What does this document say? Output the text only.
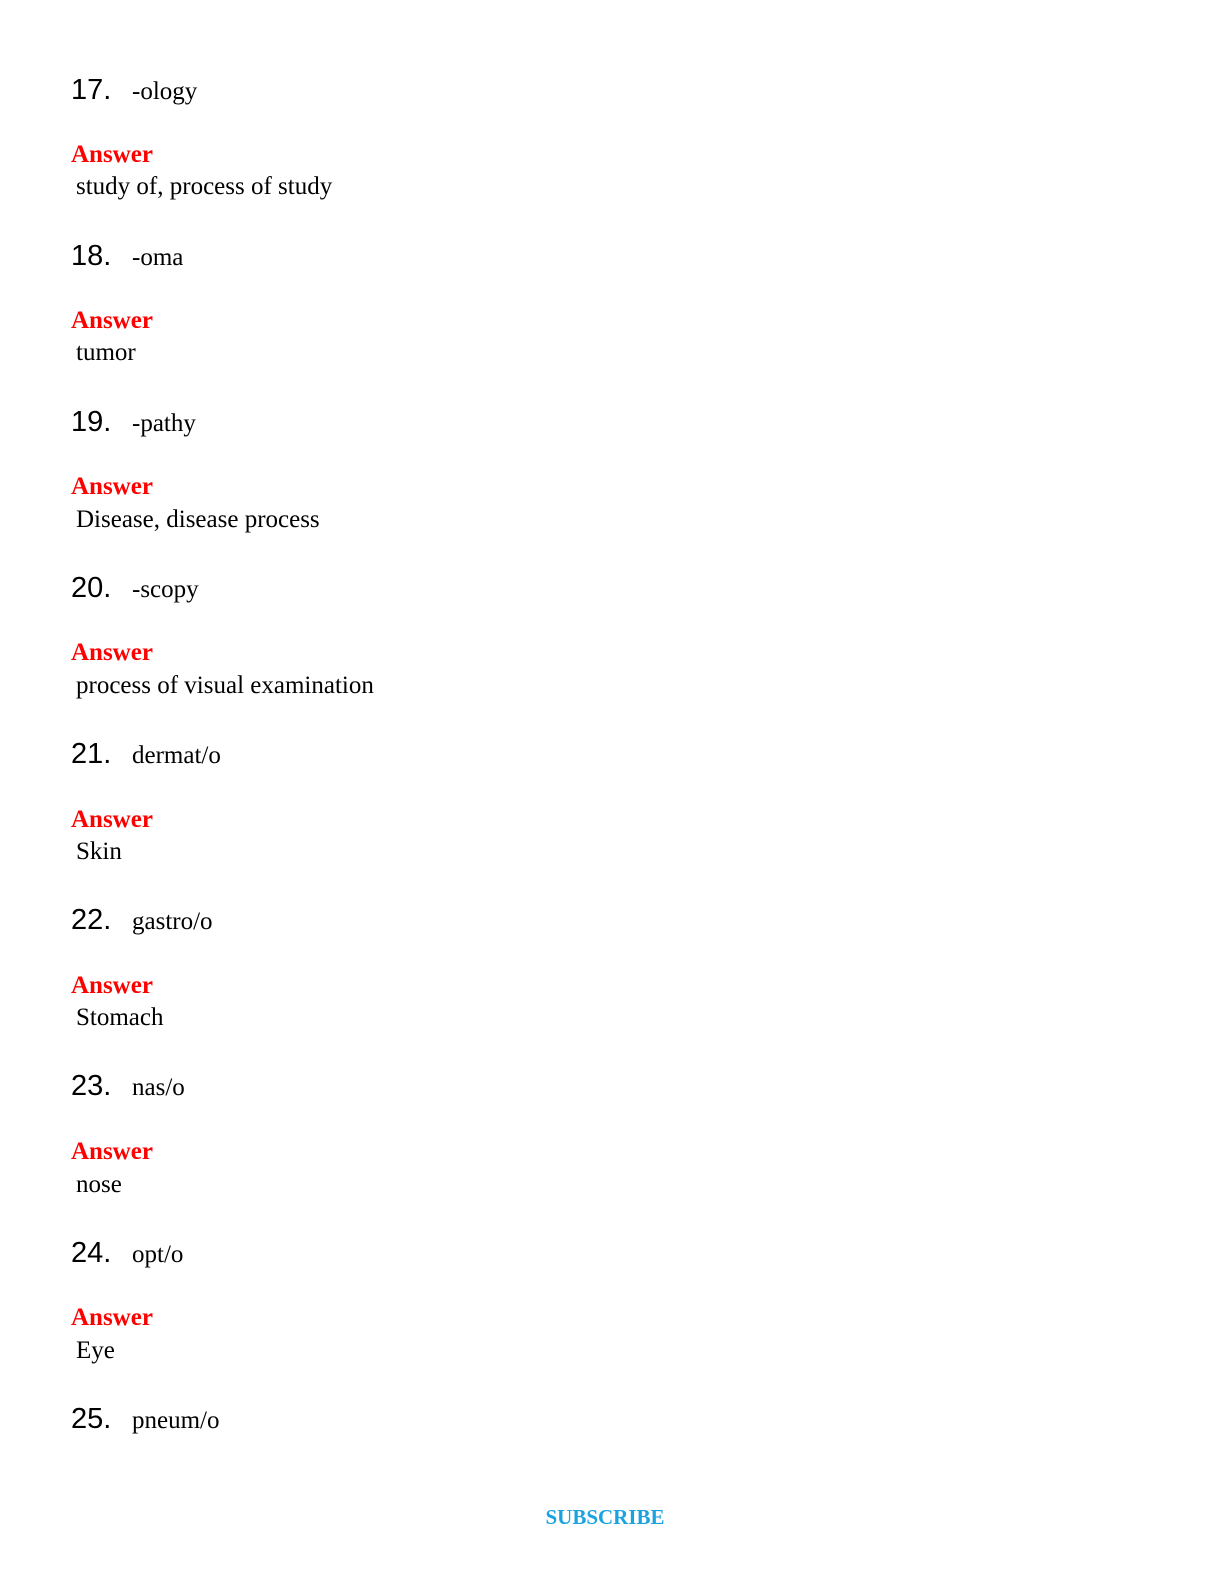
17. -ology
Answer
study of, process of study
18. -oma
Answer
tumor
19. -pathy
Answer
Disease, disease process
20. -scopy
Answer
process of visual examination
21. dermat/o
Answer
Skin
22. gastro/o
Answer
Stomach
23. nas/o
Answer
nose
24. opt/o
Answer
Eye
25. pneum/o
SUBSCRIBE
